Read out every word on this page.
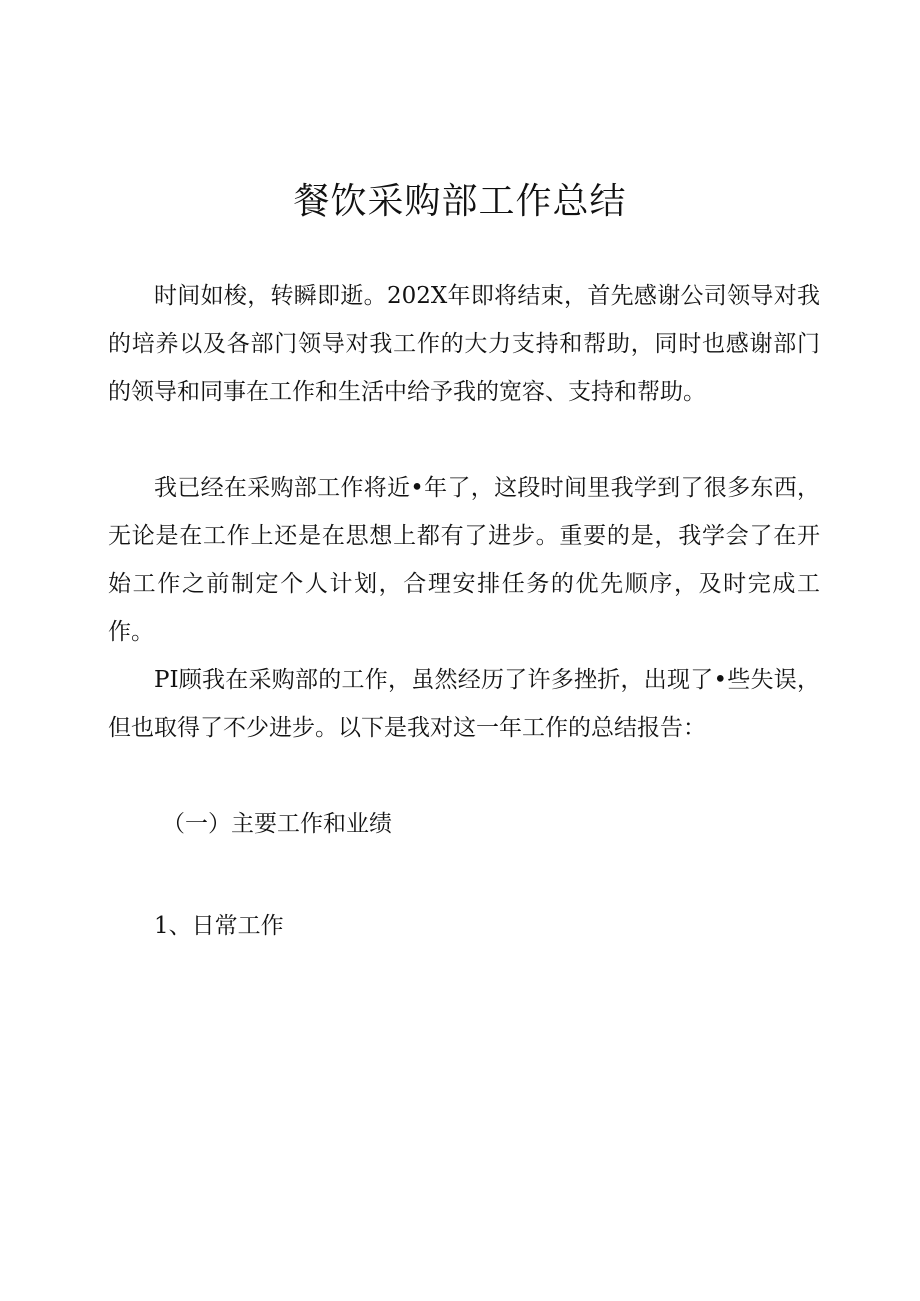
餐饮采购部工作总结

时间如梭，转瞬即逝。202X年即将结束，首先感谢公司领导对我的培养以及各部门领导对我工作的大力支持和帮助，同时也感谢部门的领导和同事在工作和生活中给予我的宽容、支持和帮助。

我已经在采购部工作将近•年了，这段时间里我学到了很多东西，无论是在工作上还是在思想上都有了进步。重要的是，我学会了在开始工作之前制定个人计划，合理安排任务的优先顺序，及时完成工作。

PI顾我在采购部的工作，虽然经历了许多挫折，出现了•些失误，但也取得了不少进步。以下是我对这一年工作的总结报告：

（一）主要工作和业绩
1、日常工作
